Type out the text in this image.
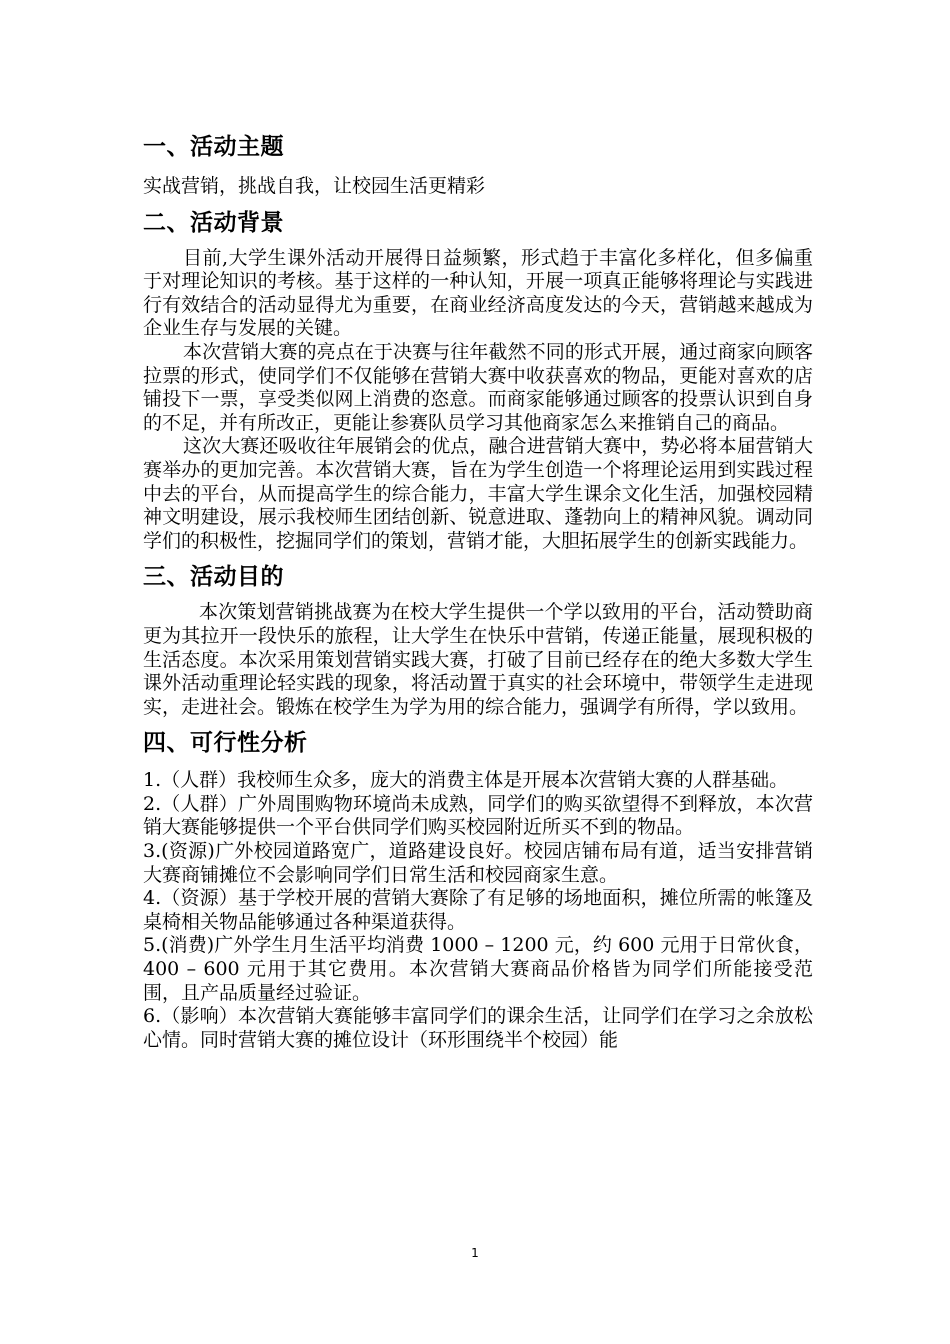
一、活动主题

实战营销，挑战自我，让校园生活更精彩

二、活动背景

目前,大学生课外活动开展得日益频繁，形式趋于丰富化多样化，但多偏重于对理论知识的考核。基于这样的一种认知，开展一项真正能够将理论与实践进行有效结合的活动显得尤为重要，在商业经济高度发达的今天，营销越来越成为企业生存与发展的关键。

本次营销大赛的亮点在于决赛与往年截然不同的形式开展，通过商家向顾客拉票的形式，使同学们不仅能够在营销大赛中收获喜欢的物品，更能对喜欢的店铺投下一票，享受类似网上消费的恣意。而商家能够通过顾客的投票认识到自身的不足，并有所改正，更能让参赛队员学习其他商家怎么来推销自己的商品。

这次大赛还吸收往年展销会的优点，融合进营销大赛中，势必将本届营销大赛举办的更加完善。本次营销大赛，旨在为学生创造一个将理论运用到实践过程中去的平台，从而提高学生的综合能力，丰富大学生课余文化生活，加强校园精神文明建设，展示我校师生团结创新、锐意进取、蓬勃向上的精神风貌。调动同学们的积极性，挖掘同学们的策划，营销才能，大胆拓展学生的创新实践能力。

三、活动目的

本次策划营销挑战赛为在校大学生提供一个学以致用的平台，活动赞助商更为其拉开一段快乐的旅程，让大学生在快乐中营销，传递正能量，展现积极的生活态度。本次采用策划营销实践大赛，打破了目前已经存在的绝大多数大学生课外活动重理论轻实践的现象，将活动置于真实的社会环境中，带领学生走进现实，走进社会。锻炼在校学生为学为用的综合能力，强调学有所得，学以致用。

四、可行性分析

1.（人群）我校师生众多，庞大的消费主体是开展本次营销大赛的人群基础。

2.（人群）广外周围购物环境尚未成熟，同学们的购买欲望得不到释放，本次营销大赛能够提供一个平台供同学们购买校园附近所买不到的物品。

3.(资源)广外校园道路宽广，道路建设良好。校园店铺布局有道，适当安排营销大赛商铺摊位不会影响同学们日常生活和校园商家生意。

4.（资源）基于学校开展的营销大赛除了有足够的场地面积，摊位所需的帐篷及桌椅相关物品能够通过各种渠道获得。

5.(消费)广外学生月生活平均消费 1000 – 1200 元，约 600 元用于日常伙食，400 – 600 元用于其它费用。本次营销大赛商品价格皆为同学们所能接受范围，且产品质量经过验证。

6.（影响）本次营销大赛能够丰富同学们的课余生活，让同学们在学习之余放松心情。同时营销大赛的摊位设计（环形围绕半个校园）能

1
